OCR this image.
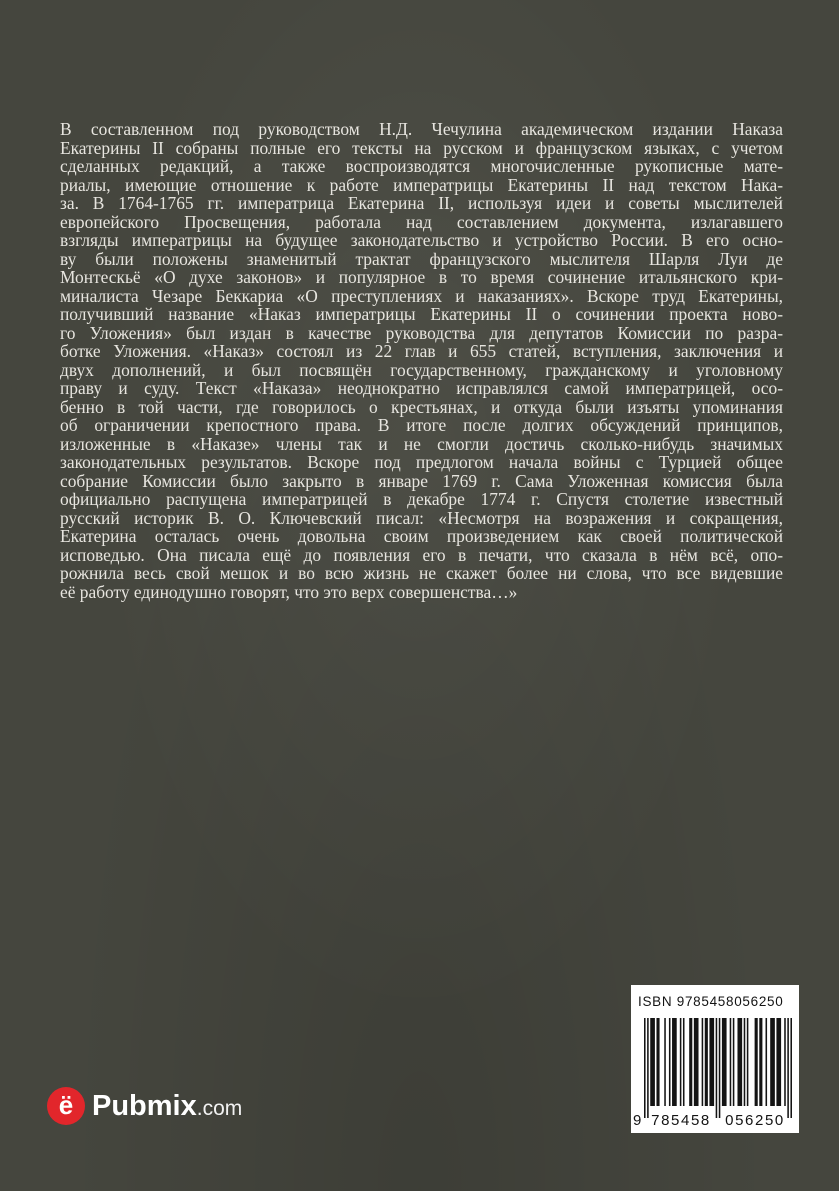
В составленном под руководством Н.Д. Чечулина академическом издании Наказа
Екатерины II собраны полные его тексты на русском и французском языках, с учетом
сделанных редакций, а также воспроизводятся многочисленные рукописные мате-
риалы, имеющие отношение к работе императрицы Екатерины II над текстом Нака-
за. В 1764-1765 гг. императрица Екатерина II, используя идеи и советы мыслителей
европейского Просвещения, работала над составлением документа, излагавшего
взгляды императрицы на будущее законодательство и устройство России. В его осно-
ву были положены знаменитый трактат французского мыслителя Шарля Луи де
Монтескьё «О духе законов» и популярное в то время сочинение итальянского кри-
миналиста Чезаре Беккариа «О преступлениях и наказаниях». Вскоре труд Екатерины,
получивший название «Наказ императрицы Екатерины II о сочинении проекта ново-
го Уложения» был издан в качестве руководства для депутатов Комиссии по разра-
ботке Уложения. «Наказ» состоял из 22 глав и 655 статей, вступления, заключения и
двух дополнений, и был посвящён государственному, гражданскому и уголовному
праву и суду. Текст «Наказа» неоднократно исправлялся самой императрицей, осо-
бенно в той части, где говорилось о крестьянах, и откуда были изъяты упоминания
об ограничении крепостного права. В итоге после долгих обсуждений принципов,
изложенные в «Наказе» члены так и не смогли достичь сколько-нибудь значимых
законодательных результатов. Вскоре под предлогом начала войны с Турцией общее
собрание Комиссии было закрыто в январе 1769 г. Сама Уложенная комиссия была
официально распущена императрицей в декабре 1774 г. Спустя столетие известный
русский историк В. О. Ключевский писал: «Несмотря на возражения и сокращения,
Екатерина осталась очень довольна своим произведением как своей политической
исповедью. Она писала ещё до появления его в печати, что сказала в нём всё, опо-
рожнила весь свой мешок и во всю жизнь не скажет более ни слова, что все видевшие
её работу единодушно говорят, что это верх совершенства…»
ISBN 9785458056250
9 785458 056250
ё Pubmix .com
